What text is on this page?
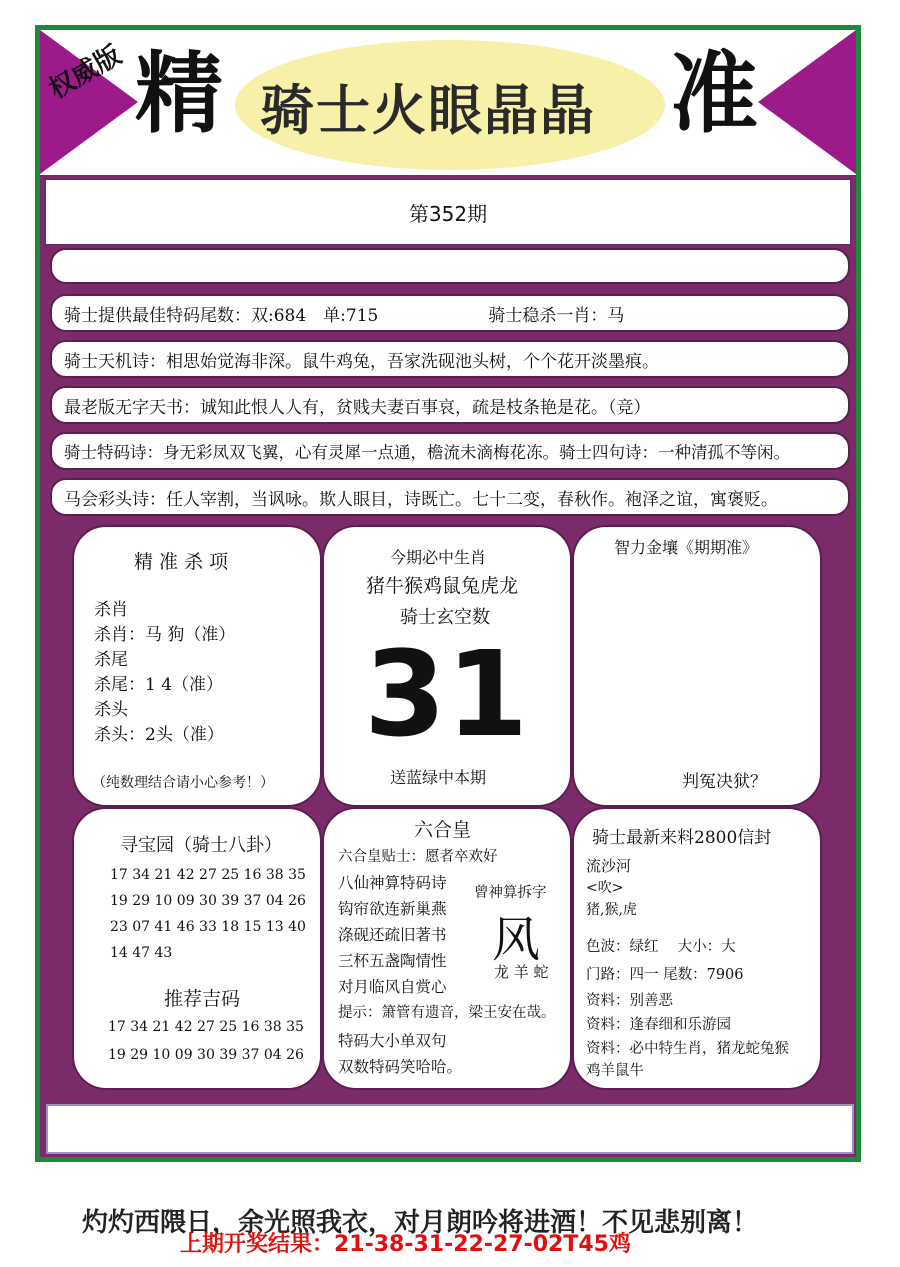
权威版 精 骑士火眼晶晶 准
第352期
骑士提供最佳特码尾数：双:684　单:715	骑士稳杀一肖：马
骑士天机诗：相思始觉海非深。鼠牛鸡兔，吾家洗砚池头树，个个花开淡墨痕。
最老版无字天书：诚知此恨人人有，贫贱夫妻百事哀，疏是枝条艳是花。（竞）
骑士特码诗：身无彩凤双飞翼，心有灵犀一点通，檐流未滴梅花冻。骑士四句诗：一种清孤不等闲。
马会彩头诗：任人宰割，当讽咏。欺人眼目，诗既亡。七十二变，春秋作。袍泽之谊，寓褒贬。
精 准 杀 项
杀肖
杀肖：马 狗（准）
杀尾
杀尾：1 4（准）
杀头
杀头：2头（准）
（纯数理结合请小心参考！）
今期必中生肖
猪牛猴鸡鼠兔虎龙
骑士玄空数
31
送蓝绿中本期
智力金壤《期期准》
判冤决狱？
寻宝园（骑士八卦）
17 34 21 42 27 25 16 38 35
19 29 10 09 30 39 37 04 26
23 07 41 46 33 18 15 13 40
14 47 43
推荐吉码
17 34 21 42 27 25 16 38 35
19 29 10 09 30 39 37 04 26
六合皇
六合皇贴士：愿者卒欢好
八仙神算特码诗
钩帘欲连新巢燕
涤砚还疏旧著书
三杯五盏陶情性
对月临风自赏心
提示：箫管有遗音，梁王安在哉。
特码大小单双句
双数特码笑哈哈。
曾神算拆字
风
龙 羊 蛇
骑士最新来料2800信封
流沙河
<吹>
猪,猴,虎
色波：绿红　 大小：大
门路：四一 尾数：7906
资料：别善恶
资料：逢春细和乐游园
资料：必中特生肖，猪龙蛇兔猴
鸡羊鼠牛
灼灼西隈日，余光照我衣，对月朗吟将进酒！不见悲别离！
上期开奖结果：21-38-31-22-27-02T45鸡
